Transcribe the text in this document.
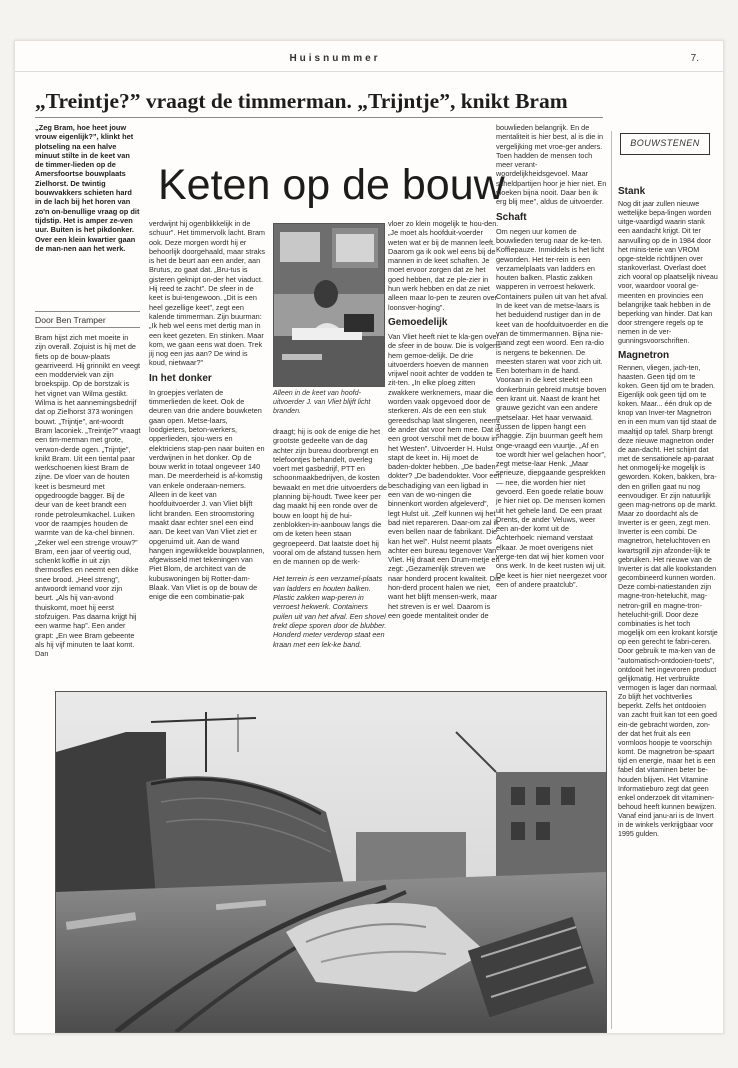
Huisnummer	7.
„Treintje?” vraagt de timmerman. „Trijntje”, knikt Bram
„Zeg Bram, hoe heet jouw vrouw eigenlijk?”, klinkt het plotseling na een halve minuut stilte in de keet van de timmer-lieden op de Amersfoortse bouwplaats Zielhorst. De twintig bouwvakkers schieten hard in de lach bij het horen van zo'n on-benullige vraag op dit tijdstip. Het is amper ze-ven uur. Buiten is het pikdonker. Over een klein kwartier gaan de man-nen aan het werk.
Door Ben Tramper

Bram hijst zich met moeite in zijn overall. Zojuist is hij met de fiets op de bouw-plaats gearriveerd. Hij grinnikt en veegt een modderviek van zijn broekspijp. Op de borstzak is het vignet van Wilma gestikt. Wilma is het aannemingsbedrijf dat op Zielhorst 373 woningen bouwt. „Trijntje”, ant-woordt Bram laconiek. „Treintje?” vraagt een tim-merman met grote, verwon-derde ogen. „Trijntje”, knikt Bram. Uit een tiental paar werkschoenen kiest Bram de zijne. De vloer van de houten keet is besmeurd met opgedroogde bagger. Bij de deur van de keet brandt een ronde petroleumkachel. Luiken voor de raampjes houden de warmte van de ka-chel binnen. „Zeker wel een strenge vrouw?” Bram, een jaar of veertig oud, schenkt koffie in uit zijn thermosfles en neemt een dikke snee brood. „Heel streng”, antwoordt iemand voor zijn beurt. „Als hij van-avond thuiskomt, moet hij eerst stofzuigen. Pas daarna krijgt hij een warme hap”. Een ander grapt: „En wee Bram gebeente als hij vijf minuten te laat komt. Dan

Keten op de bouw

verdwijnt hij ogenblikkelijk in de schuur”. Het timmervolk lacht. Bram ook. Deze morgen wordt hij er behoorlijk doorgehaald, maar straks is het de beurt aan een ander, aan Brutus, zo gaat dat. „Bru-tus is gisteren geknipt on-der het viaduct. Hij reed te zacht”. De sfeer in de keet is bui-tengewoon. „Dit is een heel gezellige keet”, zegt een kalende timmerman. Zijn buurman: „Ik heb wel eens met dertig man in een keet gezeten. En stinken. Maar kom, we gaan eens wat doen. Trek jij nog een jas aan? De wind is koud, nietwaar?”

In het donker

In groepjes verlaten de timmerlieden de keet. Ook de deuren van drie andere bouwketen gaan open. Metse-laars, loodgieters, beton-werkers, opperlieden, sjou-wers en elektriciens stap-pen naar buiten en verdwijnen in het donker. Op de bouw werkt in totaal ongeveer 140 man. De meerderheid is af-komstig van enkele onderaan-nemers. Alleen in de keet van hoofduitvoerder J. van Vliet blijft licht branden. Een stroomstoring maakt daar echter snel een eind aan. De keet van Van Vliet ziet er opgeruimd uit. Aan de wand hangen ingewikkelde bouwplannen, afgewisseld met tekeningen van Piet Blom, de architect van de kubuswoningen bij Rotter-dam-Blaak. Van Vliet is op de bouw de enige die een combinatie-pak

Alleen in de keet van hoofd-uitvoerder J. van Vliet blijft licht branden.

draagt; hij is ook de enige die het grootste gedeelte van de dag achter zijn bureau doorbrengt en telefoontjes behandelt, overleg voert met gasbedrijf, PTT en schoonmaakbedrijven, de kosten bewaakt en met drie uitvoerders de planning bij-houdt. Twee keer per dag maakt hij een ronde over de bouw en loopt hij de hui-zenblokken-in-aanbouw langs die om de keten heen staan gegroepeerd. Dat laatste doet hij vooral om de afstand tussen hem en de mannen op de werk-

Het terrein is een verzamel-plaats van ladders en houten balken. Plastic zakken wap-peren in verroest hekwerk. Containers puilen uit van het afval. Een shovel trekt diepe sporen door de blubber. Honderd meter verderop staat een kraan met een lek-ke band.

vloer zo klein mogelijk te hou-den. „Je moet als hoofduit-voerder weten wat er bij de mannen leeft. Daarom ga ik ook wel eens bij de mannen in de keet schaften. Je moet ervoor zorgen dat ze het goed hebben, dat ze ple-zier in hun werk hebben en dat ze niet alleen maar lo-pen te zeuren over loonsver-hoging”.

Gemoedelijk

Van Vliet heeft niet te kla-gen over de sfeer in de bouw. Die is volgens hem gemoe-delijk. De drie uitvoerders hoeven de mannen vrijwel nooit achter de vodden te zit-ten. „In elke ploeg zitten zwakkere werknemers, maar die worden vaak opgevoed door de sterkeren. Als de een een stuk gereedschap laat slingeren, neemt de ander dat voor hem mee. Dat is een groot verschil met de bouw in het Westen”. Uitvoerder H. Hulst stapt de keet in. Hij moet de baden-dokter hebben. „De baden-dokter? „De badendokter. Voor een beschadiging van een ligbad in een van de wo-ningen die binnenkort worden afgeleverd”, legt Hulst uit. „Zelf kunnen wij het bad niet repareren. Daar-om zal ik even bellen naar de fabrikant. Die kan het wel”. Hulst neemt plaats achter een bureau tegenover Van Vliet. Hij draait een Drum-metje en zegt: „Gezamenlijk streven we naar honderd procent kwaliteit. Die hon-derd procent halen we niet, want het blijft mensen-werk, maar het streven is er wel. Daarom is een goede mentaliteit onder de

bouwlieden belangrijk. En de mentaliteit is hier best, al is die in vergelijking met vroe-ger anders. Toen hadden de mensen toch meer verant-woordelijkheidsgevoel. Maar scheldpartijen hoor je hier niet. En vloeken bijna nooit. Daar ben ik erg blij mee”, aldus de uitvoerder.

Schaft

Om negen uur komen de bouwlieden terug naar de ke-ten. Koffiepauze. Inmiddels is het licht geworden. Het ter-rein is een verzamelplaats van ladders en houten balken. Plastic zakken wapperen in verroest hekwerk. Containers puilen uit van het afval. In de keet van de metse-laars is het beduidend rustiger dan in de keet van de hoofduitvoerder en die van de timmermannen. Bijna nie-mand zegt een woord. Een ra-dio is nergens te bekennen. De meesten staren wat voor zich uit. Een boterham in de hand. Vooraan in de keet steekt een donkerbruin gebreid mutsje boven een krant uit. Naast de krant het grauwe gezicht van een andere metselaar. Het haar verwaaid. Tussen de lippen hangt een shaggie. Zijn buurman geeft hem onge-vraagd een vuurtje. „Af en toe wordt hier wel gelachen hoor”, zegt metse-laar Henk. „Maar serieuze, diepgaande gesprekken — nee, die worden hier niet gevoerd. Een goede relatie bouw je hier niet op. De mensen komen uit het gehele land. De een praat Drents, de ander Veluws, weer een an-der komt uit de Achterhoek: niemand verstaat elkaar. Je moet overigens niet verge-ten dat wij hier komen voor ons werk. In de keet rusten wij uit. De keet is hier niet neergezet voor een of andere praatclub”.

BOUWSTENEN
Stank

Nog dit jaar zullen nieuwe wettelijke bepa-lingen worden uitge-vaardigd waarin stank een aandacht krijgt. Dit ter aanvulling op de in 1984 door het minis-terie van VROM opge-stelde richtlijnen over stankoverlast. Overlast doet zich vooral op plaatselijk niveau voor, waardoor vooral ge-meenten en provincies een belangrijke taak hebben in de beperking van hinder. Dat kan door strengere regels op te nemen in de ver-gunningsvoorschriften.

Magnetron

Rennen, vliegen, jach-ten, haasten. Geen tijd om te koken. Geen tijd om te braden. Eigenlijk ook geen tijd om te koken. Maar... één druk op de knop van Inver-ter Magnetron en in een mum van tijd staat de maaltijd op tafel. Sharp brengt deze nieuwe magnetron onder de aan-dacht. Het schijnt dat met de sensationele ap-paraat het onmogelij-ke mogelijk is geworden. Koken, bakken, bra-den en grillen gaat nu nog eenvoudiger. Er zijn natuurlijk geen mag-netrons op de markt. Maar zo doordacht als de Inverter is er geen, zegt men. Inverter is een combi. De magnetron, heteluchtoven en kwartsgrill zijn afzonder-lijk te gebruiken. Het nieuwe van de Inverter is dat alle kookstanden gecombineerd kunnen worden. Deze combi-natiestanden zijn magne-tron-heteluchit, mag-netron-grill en magne-tron-heteluchit-grill. Door deze combinaties is het toch mogelijk om een krokant korstje op een gerecht te fabri-ceren. Door gebruik te ma-ken van de "automatisch-ontdooien-toets", ontdooit het ingevroren product gelijkmatig. Het verbruikte vermogen is lager dan normaal. Zo blijft het vochtverlies beperkt. Zelfs het ontdooien van zacht fruit kan tot een goed ein-de gebracht worden, zon-der dat het fruit als een vormloos hoopje te voorschijn komt. De magnetron be-spaart tijd en energie, maar het is een fabel dat vitaminen beter be-houden blijven. Het Vitamine Informatieburo zegt dat geen enkel onderzoek dit vitaminen-behoud heeft kunnen bewijzen. Vanaf eind janu-ari is de Invert in de winkels verkrijgbaar voor 1995 gulden.
